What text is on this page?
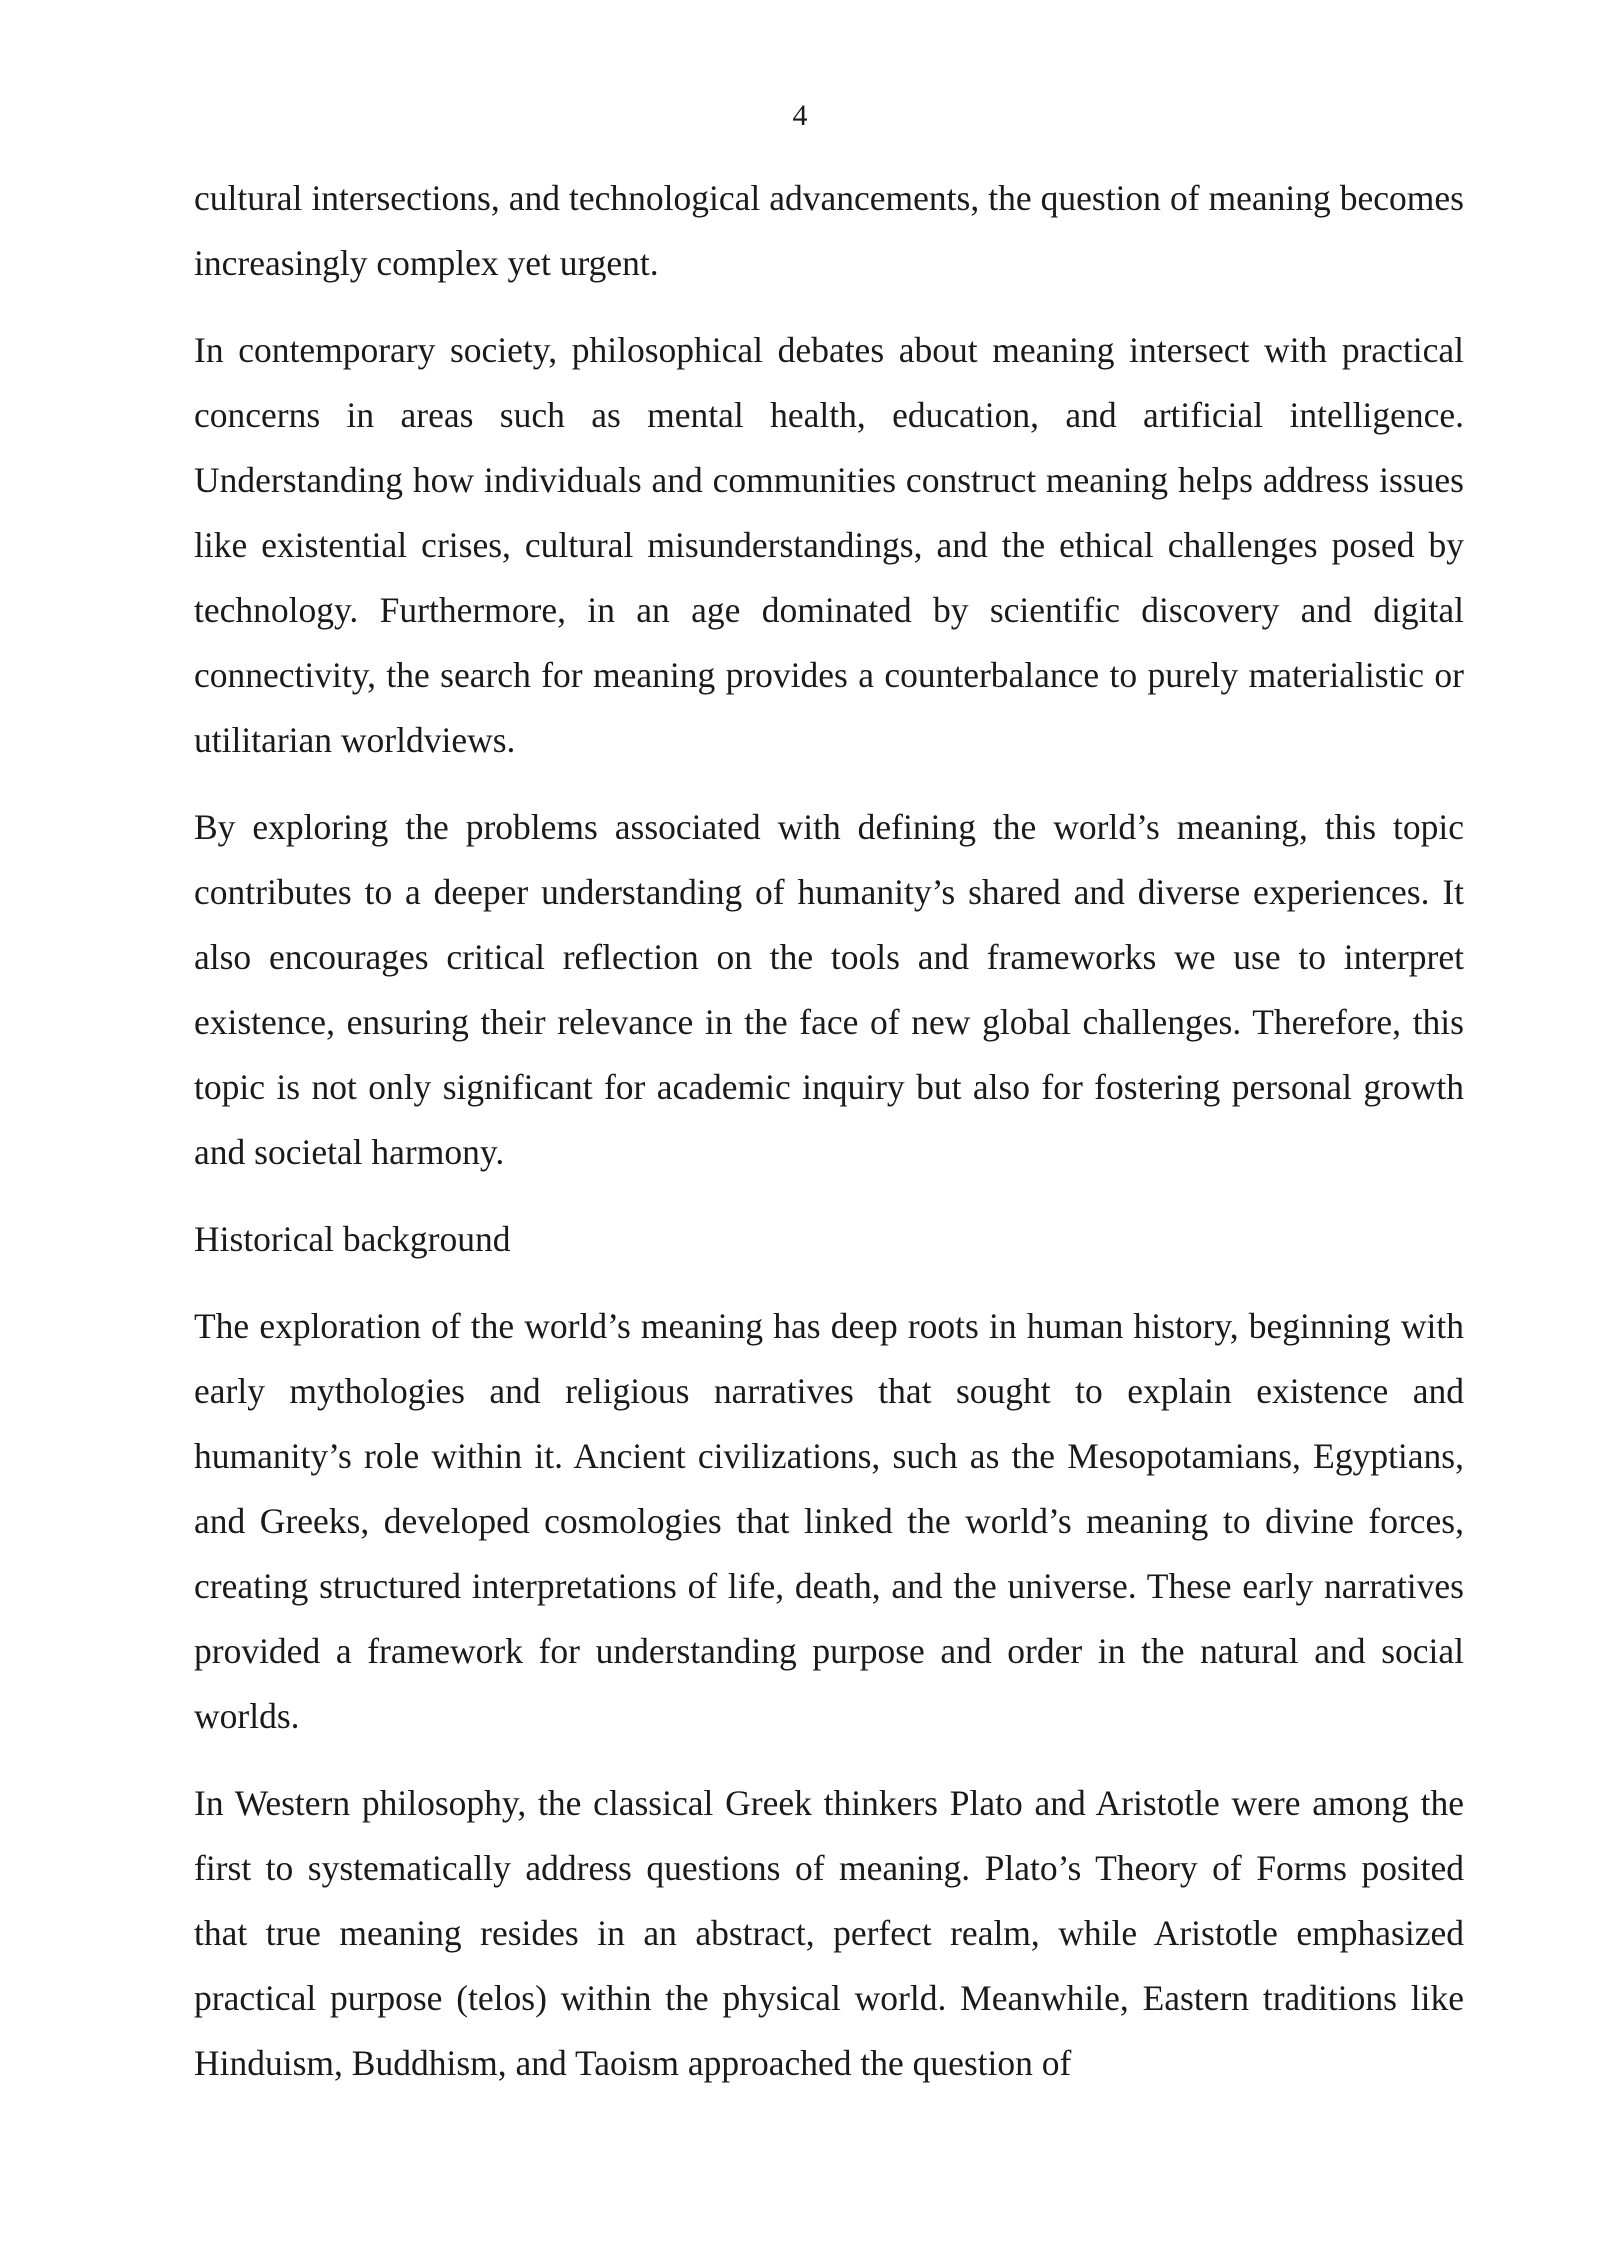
4

cultural intersections, and technological advancements, the question of meaning becomes increasingly complex yet urgent.

In contemporary society, philosophical debates about meaning intersect with practical concerns in areas such as mental health, education, and artificial intelligence. Understanding how individuals and communities construct meaning helps address issues like existential crises, cultural misunderstandings, and the ethical challenges posed by technology. Furthermore, in an age dominated by scientific discovery and digital connectivity, the search for meaning provides a counterbalance to purely materialistic or utilitarian worldviews.

By exploring the problems associated with defining the world’s meaning, this topic contributes to a deeper understanding of humanity’s shared and diverse experiences. It also encourages critical reflection on the tools and frameworks we use to interpret existence, ensuring their relevance in the face of new global challenges. Therefore, this topic is not only significant for academic inquiry but also for fostering personal growth and societal harmony.

Historical background

The exploration of the world’s meaning has deep roots in human history, beginning with early mythologies and religious narratives that sought to explain existence and humanity’s role within it. Ancient civilizations, such as the Mesopotamians, Egyptians, and Greeks, developed cosmologies that linked the world’s meaning to divine forces, creating structured interpretations of life, death, and the universe. These early narratives provided a framework for understanding purpose and order in the natural and social worlds.

In Western philosophy, the classical Greek thinkers Plato and Aristotle were among the first to systematically address questions of meaning. Plato’s Theory of Forms posited that true meaning resides in an abstract, perfect realm, while Aristotle emphasized practical purpose (telos) within the physical world. Meanwhile, Eastern traditions like Hinduism, Buddhism, and Taoism approached the question of
